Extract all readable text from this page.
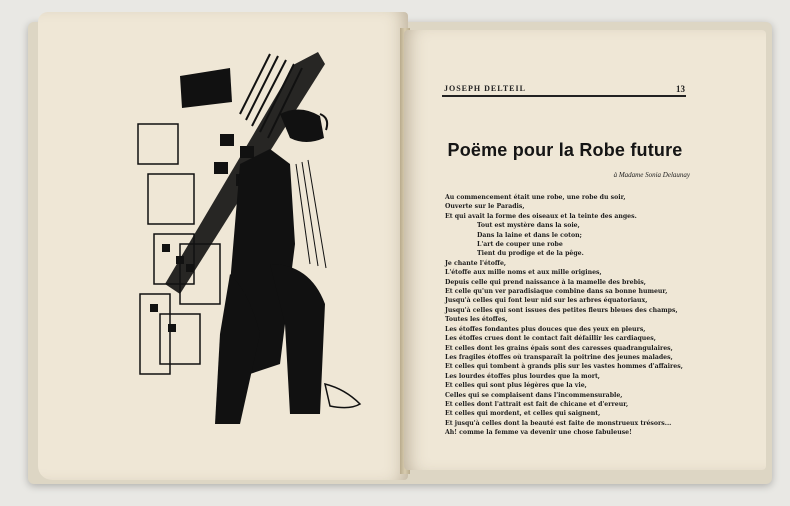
JOSEPH DELTEIL	13
Poëme pour la Robe future
à Madame Sonia Delaunay
Au commencement était une robe, une robe du soir,
Ouverte sur le Paradis,
Et qui avait la forme des oiseaux et la teinte des anges.
Tout est mystère dans la soie,
Dans la laine et dans le coton;
L'art de couper une robe
Tient du prodige et de la pêge.
Je chante l'étoffe,
L'étoffe aux mille noms et aux mille origines,
Depuis celle qui prend naissance à la mamelle des brebis,
Et celle qu'un ver paradisiaque combine dans sa bonne humeur,
Jusqu'à celles qui font leur nid sur les arbres équatoriaux,
Jusqu'à celles qui sont issues des petites fleurs bleues des champs,
Toutes les étoffes,
Les étoffes fondantes plus douces que des yeux en pleurs,
Les étoffes crues dont le contact fait défaillir les cardiaques,
Et celles dont les grains épais sont des caresses quadrangulaires,
Les fragiles étoffes où transparaît la poitrine des jeunes malades,
Et celles qui tombent à grands plis sur les vastes hommes d'affaires,
Les lourdes étoffes plus lourdes que la mort,
Et celles qui sont plus légères que la vie,
Celles qui se complaisent dans l'incommensurable,
Et celles dont l'attrait est fait de chicane et d'erreur,
Et celles qui mordent, et celles qui saignent,
Et jusqu'à celles dont la beauté est faite de monstrueux trésors...
Ah! comme la femme va devenir une chose fabuleuse!
